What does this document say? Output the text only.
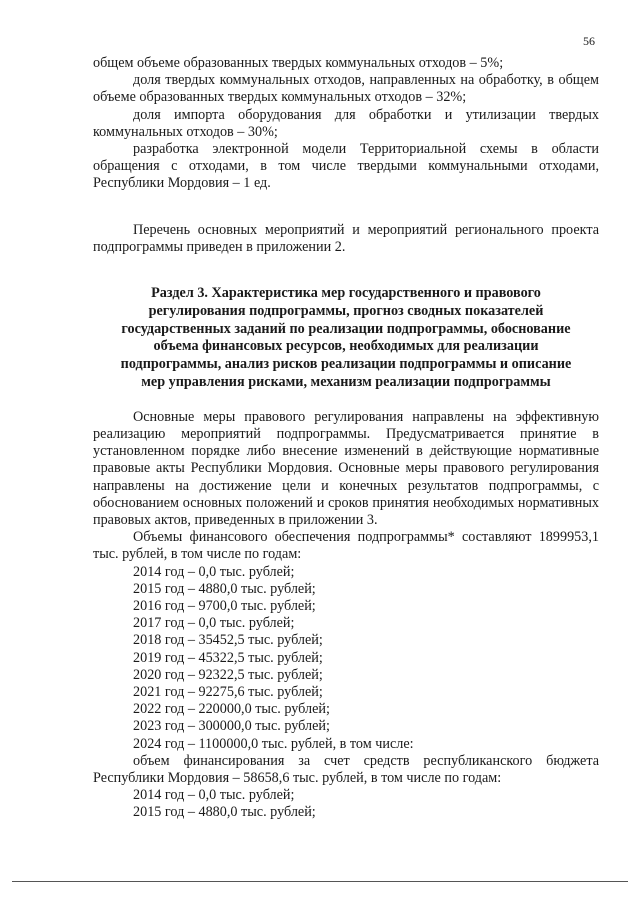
56

общем объеме образованных твердых коммунальных отходов – 5%;

доля твердых коммунальных отходов, направленных на обработку, в общем объеме образованных твердых коммунальных отходов – 32%;

доля импорта оборудования для обработки и утилизации твердых коммунальных отходов – 30%;

разработка электронной модели Территориальной схемы в области обращения с отходами, в том числе твердыми коммунальными отходами, Республики Мордовия – 1 ед.

Перечень основных мероприятий и мероприятий регионального проекта подпрограммы приведен в приложении 2.

Раздел 3. Характеристика мер государственного и правового

регулирования подпрограммы, прогноз сводных показателей

государственных заданий по реализации подпрограммы, обоснование

объема финансовых ресурсов, необходимых для реализации

подпрограммы, анализ рисков реализации подпрограммы и описание

мер управления рисками, механизм реализации подпрограммы

Основные меры правового регулирования направлены на эффективную реализацию мероприятий подпрограммы. Предусматривается принятие в установленном порядке либо внесение изменений в действующие нормативные правовые акты Республики Мордовия. Основные меры правового регулирования направлены на достижение цели и конечных результатов подпрограммы, с обоснованием основных положений и сроков принятия необходимых нормативных правовых актов, приведенных в приложении 3.

Объемы финансового обеспечения подпрограммы* составляют 1899953,1 тыс. рублей, в том числе по годам:

2014 год – 0,0 тыс. рублей;

2015 год – 4880,0 тыс. рублей;

2016 год – 9700,0 тыс. рублей;

2017 год – 0,0 тыс. рублей;

2018 год – 35452,5 тыс. рублей;

2019 год – 45322,5 тыс. рублей;

2020 год – 92322,5 тыс. рублей;

2021 год – 92275,6 тыс. рублей;

2022 год – 220000,0 тыс. рублей;

2023 год – 300000,0 тыс. рублей;

2024 год – 1100000,0 тыс. рублей, в том числе:

объем финансирования за счет средств республиканского бюджета Республики Мордовия – 58658,6 тыс. рублей, в том числе по годам:

2014 год – 0,0 тыс. рублей;

2015 год – 4880,0 тыс. рублей;
